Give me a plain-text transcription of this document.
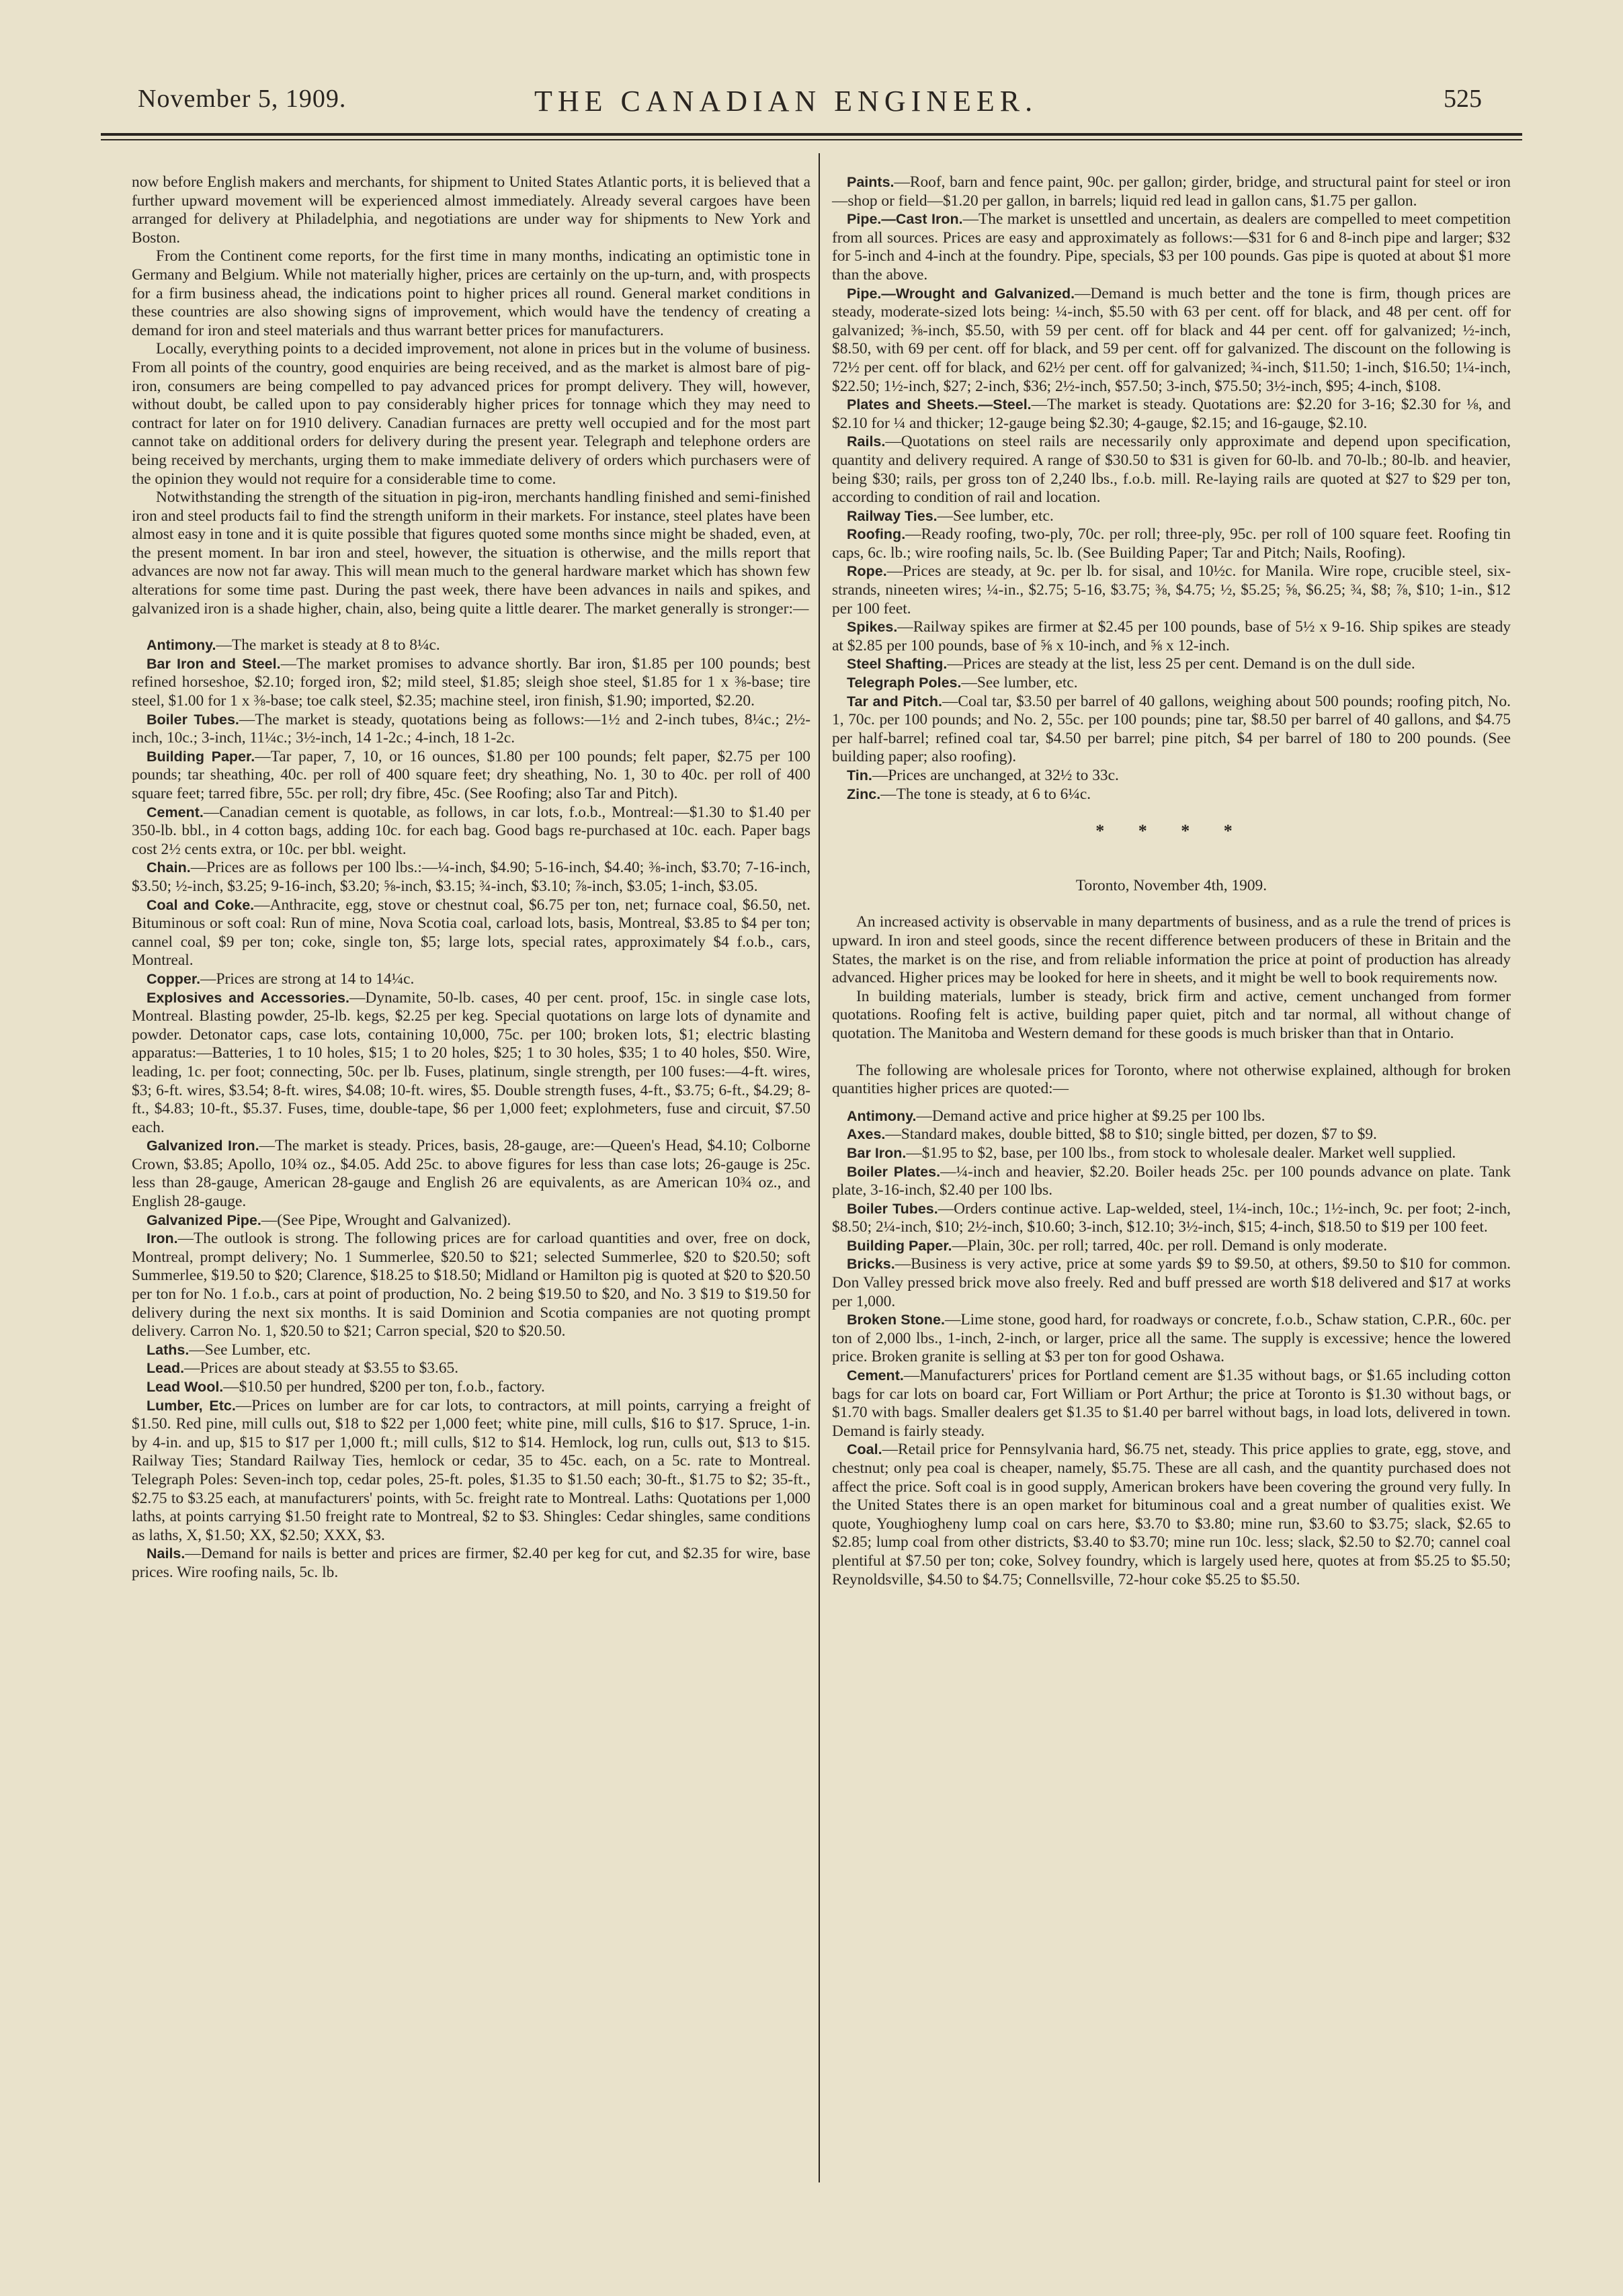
November 5, 1909.	THE CANADIAN ENGINEER.	525

now before English makers and merchants, for shipment to United States Atlantic ports, it is believed that a further upward movement will be experienced almost immediately. Already several cargoes have been arranged for delivery at Philadelphia, and negotiations are under way for shipments to New York and Boston.

From the Continent come reports, for the first time in many months, indicating an optimistic tone in Germany and Belgium. While not materially higher, prices are certainly on the up-turn, and, with prospects for a firm business ahead, the indications point to higher prices all round. General market conditions in these countries are also showing signs of improvement, which would have the tendency of creating a demand for iron and steel materials and thus warrant better prices for manufacturers.

Locally, everything points to a decided improvement, not alone in prices but in the volume of business. From all points of the country, good enquiries are being received, and as the market is almost bare of pig-iron, consumers are being compelled to pay advanced prices for prompt delivery. They will, however, without doubt, be called upon to pay considerably higher prices for tonnage which they may need to contract for later on for 1910 delivery. Canadian furnaces are pretty well occupied and for the most part cannot take on additional orders for delivery during the present year. Telegraph and telephone orders are being received by merchants, urging them to make immediate delivery of orders which purchasers were of the opinion they would not require for a considerable time to come.

Notwithstanding the strength of the situation in pig-iron, merchants handling finished and semi-finished iron and steel products fail to find the strength uniform in their markets. For instance, steel plates have been almost easy in tone and it is quite possible that figures quoted some months since might be shaded, even, at the present moment. In bar iron and steel, however, the situation is otherwise, and the mills report that advances are now not far away. This will mean much to the general hardware market which has shown few alterations for some time past. During the past week, there have been advances in nails and spikes, and galvanized iron is a shade higher, chain, also, being quite a little dearer. The market generally is stronger:—

Antimony.—The market is steady at 8 to 8¼c.

Bar Iron and Steel.—The market promises to advance shortly. Bar iron, $1.85 per 100 pounds; best refined horseshoe, $2.10; forged iron, $2; mild steel, $1.85; sleigh shoe steel, $1.85 for 1 x ⅜-base; tire steel, $1.00 for 1 x ⅜-base; toe calk steel, $2.35; machine steel, iron finish, $1.90; imported, $2.20.

Boiler Tubes.—The market is steady, quotations being as follows:—1½ and 2-inch tubes, 8¼c.; 2½-inch, 10c.; 3-inch, 11¼c.; 3½-inch, 14 1-2c.; 4-inch, 18 1-2c.

Building Paper.—Tar paper, 7, 10, or 16 ounces, $1.80 per 100 pounds; felt paper, $2.75 per 100 pounds; tar sheathing, 40c. per roll of 400 square feet; dry sheathing, No. 1, 30 to 40c. per roll of 400 square feet; tarred fibre, 55c. per roll; dry fibre, 45c. (See Roofing; also Tar and Pitch).

Cement.—Canadian cement is quotable, as follows, in car lots, f.o.b., Montreal:—$1.30 to $1.40 per 350-lb. bbl., in 4 cotton bags, adding 10c. for each bag. Good bags re-purchased at 10c. each. Paper bags cost 2½ cents extra, or 10c. per bbl. weight.

Chain.—Prices are as follows per 100 lbs.:—¼-inch, $4.90; 5-16-inch, $4.40; ⅜-inch, $3.70; 7-16-inch, $3.50; ½-inch, $3.25; 9-16-inch, $3.20; ⅝-inch, $3.15; ¾-inch, $3.10; ⅞-inch, $3.05; 1-inch, $3.05.

Coal and Coke.—Anthracite, egg, stove or chestnut coal, $6.75 per ton, net; furnace coal, $6.50, net. Bituminous or soft coal: Run of mine, Nova Scotia coal, carload lots, basis, Montreal, $3.85 to $4 per ton; cannel coal, $9 per ton; coke, single ton, $5; large lots, special rates, approximately $4 f.o.b., cars, Montreal.

Copper.—Prices are strong at 14 to 14¼c.

Explosives and Accessories.—Dynamite, 50-lb. cases, 40 per cent. proof, 15c. in single case lots, Montreal. Blasting powder, 25-lb. kegs, $2.25 per keg. Special quotations on large lots of dynamite and powder. Detonator caps, case lots, containing 10,000, 75c. per 100; broken lots, $1; electric blasting apparatus:—Batteries, 1 to 10 holes, $15; 1 to 20 holes, $25; 1 to 30 holes, $35; 1 to 40 holes, $50. Wire, leading, 1c. per foot; connecting, 50c. per lb. Fuses, platinum, single strength, per 100 fuses:—4-ft. wires, $3; 6-ft. wires, $3.54; 8-ft. wires, $4.08; 10-ft. wires, $5. Double strength fuses, 4-ft., $3.75; 6-ft., $4.29; 8-ft., $4.83; 10-ft., $5.37. Fuses, time, double-tape, $6 per 1,000 feet; explohmeters, fuse and circuit, $7.50 each.

Galvanized Iron.—The market is steady. Prices, basis, 28-gauge, are:—Queen's Head, $4.10; Colborne Crown, $3.85; Apollo, 10¾ oz., $4.05. Add 25c. to above figures for less than case lots; 26-gauge is 25c. less than 28-gauge, American 28-gauge and English 26 are equivalents, as are American 10¾ oz., and English 28-gauge.

Galvanized Pipe.—(See Pipe, Wrought and Galvanized).

Iron.—The outlook is strong. The following prices are for carload quantities and over, free on dock, Montreal, prompt delivery; No. 1 Summerlee, $20.50 to $21; selected Summerlee, $20 to $20.50; soft Summerlee, $19.50 to $20; Clarence, $18.25 to $18.50; Midland or Hamilton pig is quoted at $20 to $20.50 per ton for No. 1 f.o.b., cars at point of production, No. 2 being $19.50 to $20, and No. 3 $19 to $19.50 for delivery during the next six months. It is said Dominion and Scotia companies are not quoting prompt delivery. Carron No. 1, $20.50 to $21; Carron special, $20 to $20.50.

Laths.—See Lumber, etc.

Lead.—Prices are about steady at $3.55 to $3.65.

Lead Wool.—$10.50 per hundred, $200 per ton, f.o.b., factory.

Lumber, Etc.—Prices on lumber are for car lots, to contractors, at mill points, carrying a freight of $1.50. Red pine, mill culls out, $18 to $22 per 1,000 feet; white pine, mill culls, $16 to $17. Spruce, 1-in. by 4-in. and up, $15 to $17 per 1,000 ft.; mill culls, $12 to $14. Hemlock, log run, culls out, $13 to $15. Railway Ties; Standard Railway Ties, hemlock or cedar, 35 to 45c. each, on a 5c. rate to Montreal. Telegraph Poles: Seven-inch top, cedar poles, 25-ft. poles, $1.35 to $1.50 each; 30-ft., $1.75 to $2; 35-ft., $2.75 to $3.25 each, at manufacturers' points, with 5c. freight rate to Montreal. Laths: Quotations per 1,000 laths, at points carrying $1.50 freight rate to Montreal, $2 to $3. Shingles: Cedar shingles, same conditions as laths, X, $1.50; XX, $2.50; XXX, $3.

Nails.—Demand for nails is better and prices are firmer, $2.40 per keg for cut, and $2.35 for wire, base prices. Wire roofing nails, 5c. lb.

Paints.—Roof, barn and fence paint, 90c. per gallon; girder, bridge, and structural paint for steel or iron—shop or field—$1.20 per gallon, in barrels; liquid red lead in gallon cans, $1.75 per gallon.

Pipe.—Cast Iron.—The market is unsettled and uncertain, as dealers are compelled to meet competition from all sources. Prices are easy and approximately as follows:—$31 for 6 and 8-inch pipe and larger; $32 for 5-inch and 4-inch at the foundry. Pipe, specials, $3 per 100 pounds. Gas pipe is quoted at about $1 more than the above.

Pipe.—Wrought and Galvanized.—Demand is much better and the tone is firm, though prices are steady, moderate-sized lots being: ¼-inch, $5.50 with 63 per cent. off for black, and 48 per cent. off for galvanized; ⅜-inch, $5.50, with 59 per cent. off for black and 44 per cent. off for galvanized; ½-inch, $8.50, with 69 per cent. off for black, and 59 per cent. off for galvanized. The discount on the following is 72½ per cent. off for black, and 62½ per cent. off for galvanized; ¾-inch, $11.50; 1-inch, $16.50; 1¼-inch, $22.50; 1½-inch, $27; 2-inch, $36; 2½-inch, $57.50; 3-inch, $75.50; 3½-inch, $95; 4-inch, $108.

Plates and Sheets.—Steel.—The market is steady. Quotations are: $2.20 for 3-16; $2.30 for ⅛, and $2.10 for ¼ and thicker; 12-gauge being $2.30; 4-gauge, $2.15; and 16-gauge, $2.10.

Rails.—Quotations on steel rails are necessarily only approximate and depend upon specification, quantity and delivery required. A range of $30.50 to $31 is given for 60-lb. and 70-lb.; 80-lb. and heavier, being $30; rails, per gross ton of 2,240 lbs., f.o.b. mill. Re-laying rails are quoted at $27 to $29 per ton, according to condition of rail and location.

Railway Ties.—See lumber, etc.

Roofing.—Ready roofing, two-ply, 70c. per roll; three-ply, 95c. per roll of 100 square feet. Roofing tin caps, 6c. lb.; wire roofing nails, 5c. lb. (See Building Paper; Tar and Pitch; Nails, Roofing).

Rope.—Prices are steady, at 9c. per lb. for sisal, and 10½c. for Manila. Wire rope, crucible steel, six-strands, nineeten wires; ¼-in., $2.75; 5-16, $3.75; ⅜, $4.75; ½, $5.25; ⅝, $6.25; ¾, $8; ⅞, $10; 1-in., $12 per 100 feet.

Spikes.—Railway spikes are firmer at $2.45 per 100 pounds, base of 5½ x 9-16. Ship spikes are steady at $2.85 per 100 pounds, base of ⅝ x 10-inch, and ⅝ x 12-inch.

Steel Shafting.—Prices are steady at the list, less 25 per cent. Demand is on the dull side.

Telegraph Poles.—See lumber, etc.

Tar and Pitch.—Coal tar, $3.50 per barrel of 40 gallons, weighing about 500 pounds; roofing pitch, No. 1, 70c. per 100 pounds; and No. 2, 55c. per 100 pounds; pine tar, $8.50 per barrel of 40 gallons, and $4.75 per half-barrel; refined coal tar, $4.50 per barrel; pine pitch, $4 per barrel of 180 to 200 pounds. (See building paper; also roofing).

Tin.—Prices are unchanged, at 32½ to 33c.

Zinc.—The tone is steady, at 6 to 6¼c.

* * * *

Toronto, November 4th, 1909.

An increased activity is observable in many departments of business, and as a rule the trend of prices is upward. In iron and steel goods, since the recent difference between producers of these in Britain and the States, the market is on the rise, and from reliable information the price at point of production has already advanced. Higher prices may be looked for here in sheets, and it might be well to book requirements now.

In building materials, lumber is steady, brick firm and active, cement unchanged from former quotations. Roofing felt is active, building paper quiet, pitch and tar normal, all without change of quotation. The Manitoba and Western demand for these goods is much brisker than that in Ontario.

The following are wholesale prices for Toronto, where not otherwise explained, although for broken quantities higher prices are quoted:—

Antimony.—Demand active and price higher at $9.25 per 100 lbs.

Axes.—Standard makes, double bitted, $8 to $10; single bitted, per dozen, $7 to $9.

Bar Iron.—$1.95 to $2, base, per 100 lbs., from stock to wholesale dealer. Market well supplied.

Boiler Plates.—¼-inch and heavier, $2.20. Boiler heads 25c. per 100 pounds advance on plate. Tank plate, 3-16-inch, $2.40 per 100 lbs.

Boiler Tubes.—Orders continue active. Lap-welded, steel, 1¼-inch, 10c.; 1½-inch, 9c. per foot; 2-inch, $8.50; 2¼-inch, $10; 2½-inch, $10.60; 3-inch, $12.10; 3½-inch, $15; 4-inch, $18.50 to $19 per 100 feet.

Building Paper.—Plain, 30c. per roll; tarred, 40c. per roll. Demand is only moderate.

Bricks.—Business is very active, price at some yards $9 to $9.50, at others, $9.50 to $10 for common. Don Valley pressed brick move also freely. Red and buff pressed are worth $18 delivered and $17 at works per 1,000.

Broken Stone.—Lime stone, good hard, for roadways or concrete, f.o.b., Schaw station, C.P.R., 60c. per ton of 2,000 lbs., 1-inch, 2-inch, or larger, price all the same. The supply is excessive; hence the lowered price. Broken granite is selling at $3 per ton for good Oshawa.

Cement.—Manufacturers' prices for Portland cement are $1.35 without bags, or $1.65 including cotton bags for car lots on board car, Fort William or Port Arthur; the price at Toronto is $1.30 without bags, or $1.70 with bags. Smaller dealers get $1.35 to $1.40 per barrel without bags, in load lots, delivered in town. Demand is fairly steady.

Coal.—Retail price for Pennsylvania hard, $6.75 net, steady. This price applies to grate, egg, stove, and chestnut; only pea coal is cheaper, namely, $5.75. These are all cash, and the quantity purchased does not affect the price. Soft coal is in good supply, American brokers have been covering the ground very fully. In the United States there is an open market for bituminous coal and a great number of qualities exist. We quote, Youghiogheny lump coal on cars here, $3.70 to $3.80; mine run, $3.60 to $3.75; slack, $2.65 to $2.85; lump coal from other districts, $3.40 to $3.70; mine run 10c. less; slack, $2.50 to $2.70; cannel coal plentiful at $7.50 per ton; coke, Solvey foundry, which is largely used here, quotes at from $5.25 to $5.50; Reynoldsville, $4.50 to $4.75; Connellsville, 72-hour coke $5.25 to $5.50.
